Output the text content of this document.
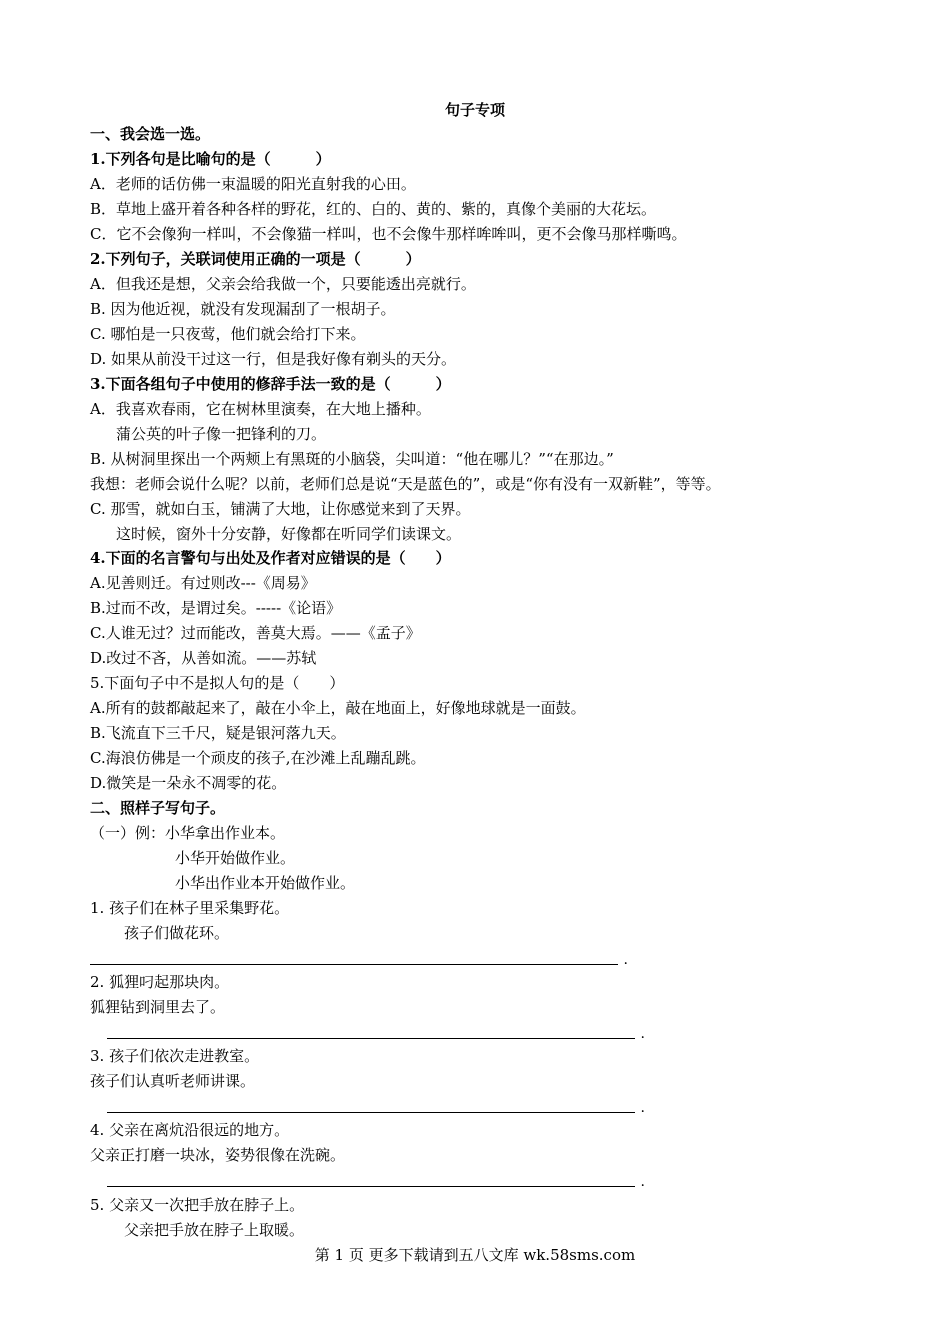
句子专项
一、我会选一选。
1.下列各句是比喻句的是（　　　）
A．老师的话仿佛一束温暖的阳光直射我的心田。
B．草地上盛开着各种各样的野花，红的、白的、黄的、紫的，真像个美丽的大花坛。
C．它不会像狗一样叫，不会像猫一样叫，也不会像牛那样哞哞叫，更不会像马那样嘶鸣。
2.下列句子，关联词使用正确的一项是（　　　）
A．但我还是想，父亲会给我做一个，只要能透出亮就行。
B. 因为他近视，就没有发现漏刮了一根胡子。
C. 哪怕是一只夜莺，他们就会给打下来。
D. 如果从前没干过这一行，但是我好像有剃头的天分。
3.下面各组句子中使用的修辞手法一致的是（　　　）
A．我喜欢春雨，它在树林里演奏，在大地上播种。
蒲公英的叶子像一把锋利的刀。
B. 从树洞里探出一个两颊上有黑斑的小脑袋，尖叫道：“他在哪儿？”“在那边。”
我想：老师会说什么呢？以前，老师们总是说“天是蓝色的”，或是“你有没有一双新鞋”，等等。
C. 那雪，就如白玉，铺满了大地，让你感觉来到了天界。
这时候，窗外十分安静，好像都在听同学们读课文。
4.下面的名言警句与出处及作者对应错误的是（　　）
A.见善则迁。有过则改---《周易》
B.过而不改，是谓过矣。-----《论语》
C.人谁无过？过而能改，善莫大焉。——《孟子》
D.改过不吝，从善如流。——苏轼
5.下面句子中不是拟人句的是（　　）
A.所有的鼓都敲起来了，敲在小伞上，敲在地面上，好像地球就是一面鼓。
B.飞流直下三千尺，疑是银河落九天。
C.海浪仿佛是一个顽皮的孩子,在沙滩上乱蹦乱跳。
D.微笑是一朵永不凋零的花。
二、照样子写句子。
（一）例：小华拿出作业本。
小华开始做作业。
小华出作业本开始做作业。
1. 孩子们在林子里采集野花。
孩子们做花环。
.
2. 狐狸叼起那块肉。
狐狸钻到洞里去了。
.
3. 孩子们依次走进教室。
孩子们认真听老师讲课。
.
4. 父亲在离炕沿很远的地方。
父亲正打磨一块冰，姿势很像在洗碗。
.
5. 父亲又一次把手放在脖子上。
父亲把手放在脖子上取暖。
第 1 页 更多下载请到五八文库 wk.58sms.com
